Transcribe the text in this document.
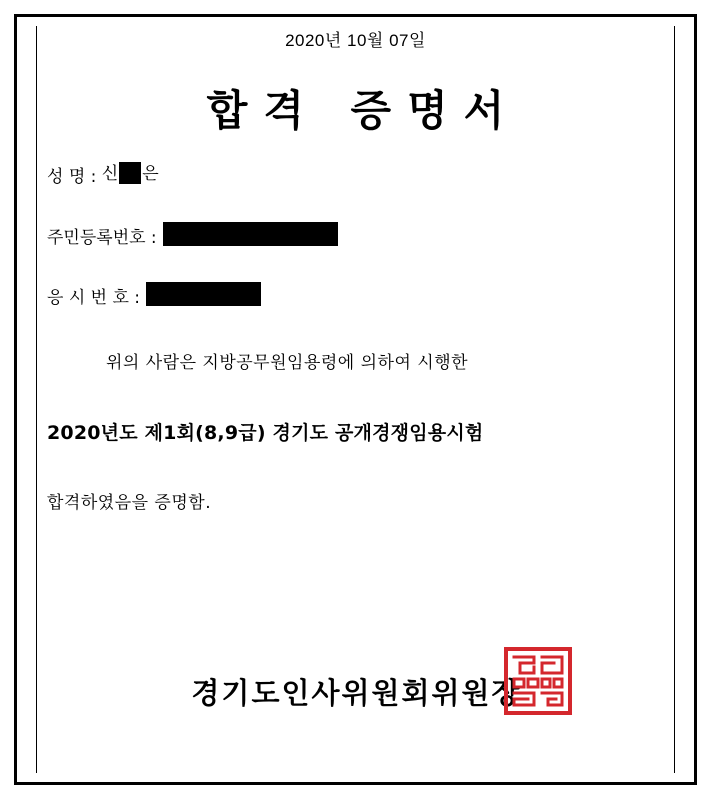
합격 증명서
성 명 : 신 은
주민등록번호 :
응 시 번 호 :
위의 사람은 지방공무원임용령에 의하여 시행한
2020년도 제1회(8,9급) 경기도 공개경쟁임용시험
합격하였음을 증명함.
2020년 10월 07일
경기도인사위원회위원장
